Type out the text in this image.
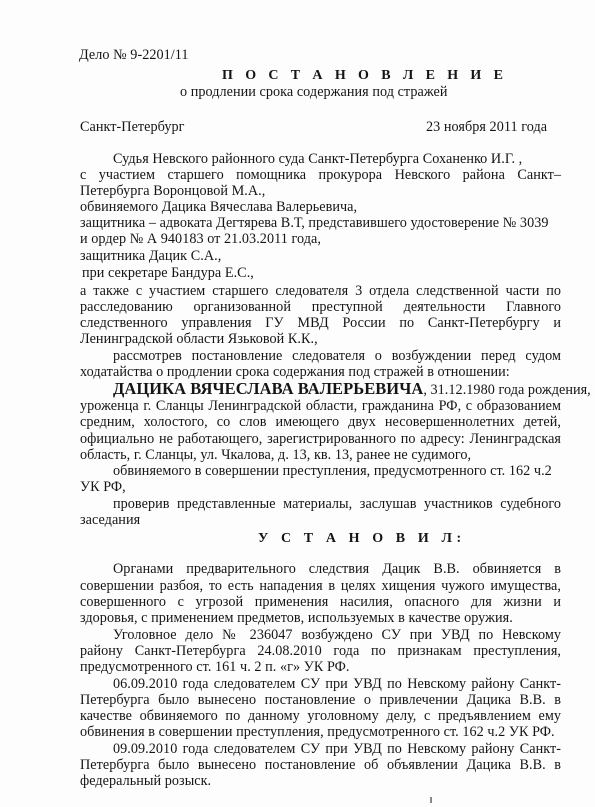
Дело № 9-2201/11
П О С Т А Н О В Л Е Н И Е
о продлении срока содержания под стражей
Санкт-Петербург	23 ноября 2011 года
Судья Невского районного суда Санкт-Петербурга Соханенко И.Г. ,
с участием старшего помощника прокурора Невского района Санкт–
Петербурга Воронцовой М.А.,
обвиняемого Дацика Вячеслава Валерьевича,
защитника – адвоката Дегтярева В.Т, представившего удостоверение № 3039
и ордер № А 940183 от 21.03.2011 года,
защитника Дацик С.А.,
при секретаре Бандура Е.С.,
а также с участием старшего следователя 3 отдела следственной части по
расследованию организованной преступной деятельности Главного
следственного управления ГУ МВД России по Санкт-Петербургу и
Ленинградской области Язьковой К.К.,
рассмотрев постановление следователя о возбуждении перед судом
ходатайства о продлении срока содержания под стражей в отношении:
ДАЦИКА ВЯЧЕСЛАВА ВАЛЕРЬЕВИЧА, 31.12.1980 года рождения,
уроженца г. Сланцы Ленинградской области, гражданина РФ, с образованием
средним, холостого, со слов имеющего двух несовершеннолетних детей,
официально не работающего, зарегистрированного по адресу: Ленинградская
область, г. Сланцы, ул. Чкалова, д. 13, кв. 13, ранее не судимого,
обвиняемого в совершении преступления, предусмотренного ст. 162 ч.2
УК РФ,
проверив представленные материалы, заслушав участников судебного
заседания
У С Т А Н О В И Л:
Органами предварительного следствия Дацик В.В. обвиняется в
совершении разбоя, то есть нападения в целях хищения чужого имущества,
совершенного с угрозой применения насилия, опасного для жизни и
здоровья, с применением предметов, используемых в качестве оружия.
Уголовное дело № 236047 возбуждено СУ при УВД по Невскому
району Санкт-Петербурга 24.08.2010 года по признакам преступления,
предусмотренного ст. 161 ч. 2 п. «г» УК РФ.
06.09.2010 года следователем СУ при УВД по Невскому району Санкт-
Петербурга было вынесено постановление о привлечении Дацика В.В. в
качестве обвиняемого по данному уголовному делу, с предъявлением ему
обвинения в совершении преступления, предусмотренного ст. 162 ч.2 УК РФ.
09.09.2010 года следователем СУ при УВД по Невскому району Санкт-
Петербурга было вынесено постановление об объявлении Дацика В.В. в
федеральный розыск.
